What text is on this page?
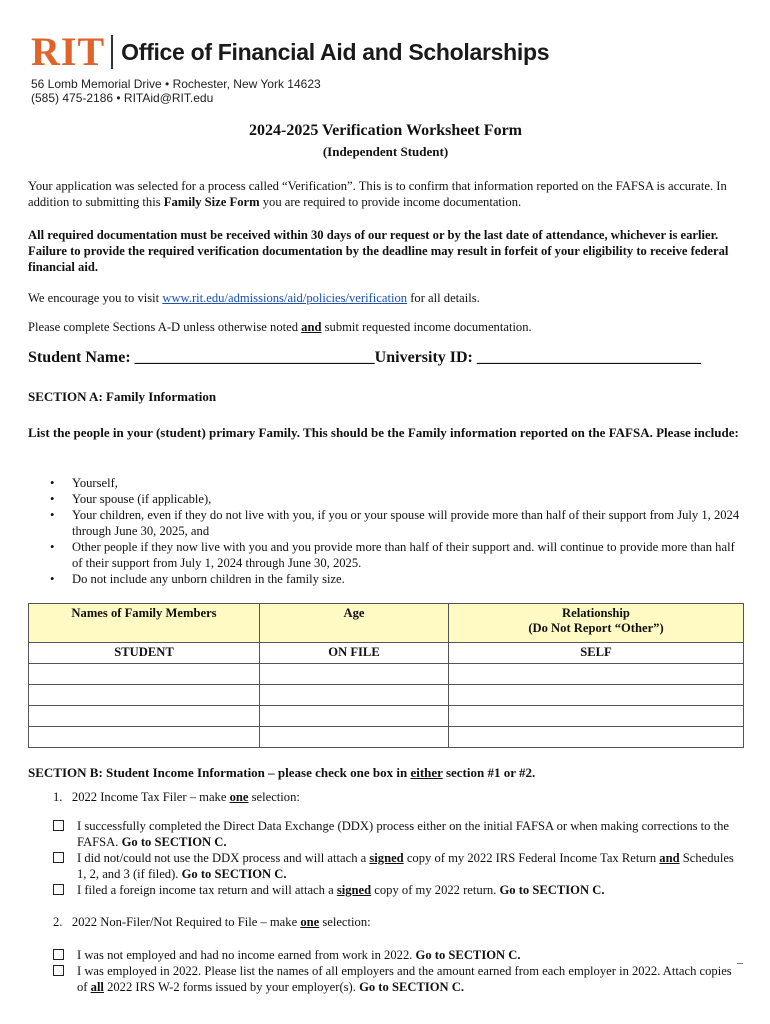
RIT Office of Financial Aid and Scholarships
56 Lomb Memorial Drive • Rochester, New York 14623
(585) 475-2186 • RITAid@RIT.edu
2024-2025 Verification Worksheet Form
(Independent Student)
Your application was selected for a process called “Verification”. This is to confirm that information reported on the FAFSA is accurate. In addition to submitting this Family Size Form you are required to provide income documentation.
All required documentation must be received within 30 days of our request or by the last date of attendance, whichever is earlier. Failure to provide the required verification documentation by the deadline may result in forfeit of your eligibility to receive federal financial aid.
We encourage you to visit www.rit.edu/admissions/aid/policies/verification for all details.
Please complete Sections A-D unless otherwise noted and submit requested income documentation.
Student Name: ______________________________University ID: ____________________________
SECTION A: Family Information
List the people in your (student) primary Family. This should be the Family information reported on the FAFSA. Please include:
• Yourself,
• Your spouse (if applicable),
• Your children, even if they do not live with you, if you or your spouse will provide more than half of their support from July 1, 2024 through June 30, 2025, and
• Other people if they now live with you and you provide more than half of their support and. will continue to provide more than half of their support from July 1, 2024 through June 30, 2025.
• Do not include any unborn children in the family size.
Names of Family Members	Age	Relationship
(Do Not Report “Other”)

STUDENT	ON FILE	SELF

SECTION B: Student Income Information – please check one box in either section #1 or #2.
1. 2022 Income Tax Filer – make one selection:
I successfully completed the Direct Data Exchange (DDX) process either on the initial FAFSA or when making corrections to the FAFSA. Go to SECTION C.
I did not/could not use the DDX process and will attach a signed copy of my 2022 IRS Federal Income Tax Return and Schedules 1, 2, and 3 (if filed). Go to SECTION C.
I filed a foreign income tax return and will attach a signed copy of my 2022 return. Go to SECTION C.
2. 2022 Non-Filer/Not Required to File – make one selection:
I was not employed and had no income earned from work in 2022. Go to SECTION C.
I was employed in 2022. Please list the names of all employers and the amount earned from each employer in 2022. Attach copies of all 2022 IRS W-2 forms issued by your employer(s). Go to SECTION C.
–
